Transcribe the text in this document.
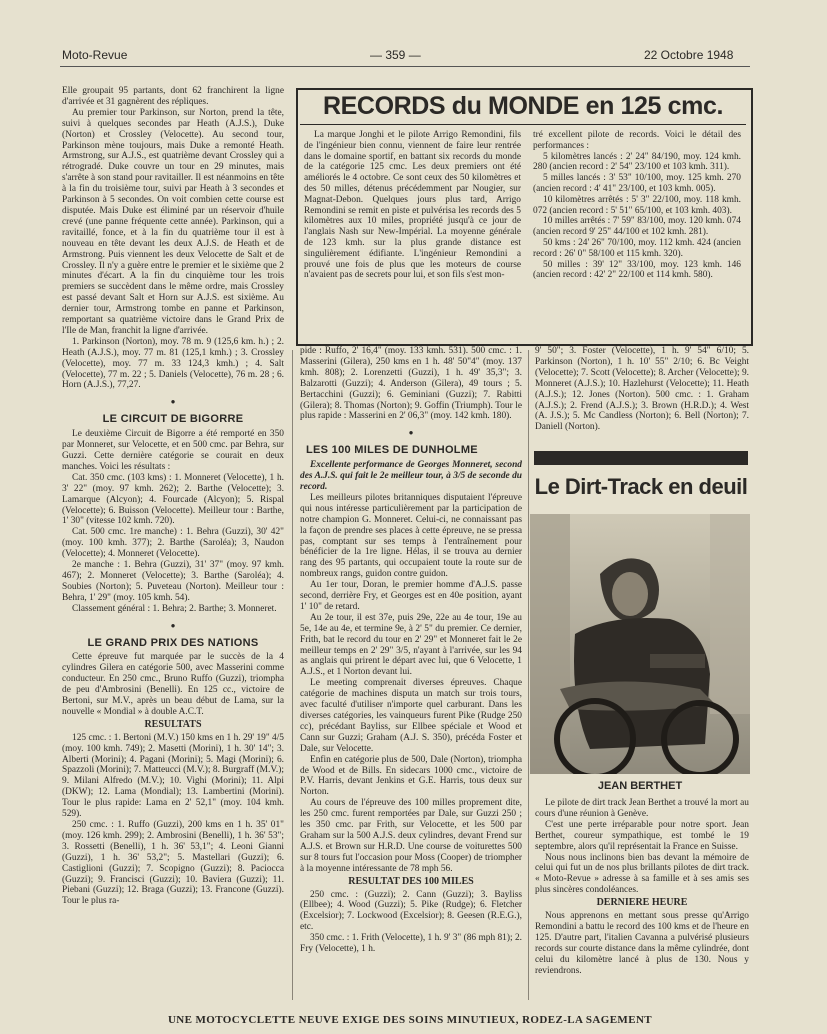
Moto-Revue	— 359 —	22 Octobre 1948

Elle groupait 95 partants, dont 62 franchirent la ligne d'arrivée et 31 gagnèrent des répliques.

Au premier tour Parkinson, sur Norton, prend la tête, suivi à quelques secondes par Heath (A.J.S.), Duke (Norton) et Crossley (Velocette). Au second tour, Parkinson mène toujours, mais Duke a remonté Heath. Armstrong, sur A.J.S., est quatrième devant Crossley qui a rétrogradé. Duke couvre un tour en 29 minutes, mais s'arrête à son stand pour ravitailler. Il est néanmoins en tête à la fin du troisième tour, suivi par Heath à 3 secondes et Parkinson à 5 secondes. On voit combien cette course est disputée. Mais Duke est éliminé par un réservoir d'huile crevé (une panne fréquente cette année). Parkinson, qui a ravitaillé, fonce, et à la fin du quatrième tour il est à nouveau en tête devant les deux A.J.S. de Heath et de Armstrong. Puis viennent les deux Velocette de Salt et de Crossley. Il n'y a guère entre le premier et le sixième que 2 minutes d'écart. A la fin du cinquième tour les trois premiers se succèdent dans le même ordre, mais Crossley est passé devant Salt et Horn sur A.J.S. est sixième. Au dernier tour, Armstrong tombe en panne et Parkinson, remportant sa quatrième victoire dans le Grand Prix de l'Ile de Man, franchit la ligne d'arrivée.

1. Parkinson (Norton), moy. 78 m. 9 (125,6 km. h.) ; 2. Heath (A.J.S.), moy. 77 m. 81 (125,1 kmh.) ; 3. Crossley (Velocette), moy. 77 m. 33 124,3 kmh.) ; 4. Salt (Velocette), 77 m. 22 ; 5. Daniels (Velocette), 76 m. 28 ; 6. Horn (A.J.S.), 77,27.

●
LE CIRCUIT DE BIGORRE

Le deuxième Circuit de Bigorre a été remporté en 350 par Monneret, sur Velocette, et en 500 cmc. par Behra, sur Guzzi. Cette dernière catégorie se courait en deux manches. Voici les résultats :

Cat. 350 cmc. (103 kms) : 1. Monneret (Velocette), 1 h. 3' 22" (moy. 97 kmh. 262); 2. Barthe (Velocette); 3. Lamarque (Alcyon); 4. Fourcade (Alcyon); 5. Rispal (Velocette); 6. Buisson (Velocette). Meilleur tour : Barthe, 1' 30" (vitesse 102 kmh. 720).

Cat. 500 cmc. 1re manche) : 1. Behra (Guzzi), 30' 42" (moy. 100 kmh. 377); 2. Barthe (Saroléa); 3, Naudon (Velocette); 4. Monneret (Velocette).

2e manche : 1. Behra (Guzzi), 31' 37" (moy. 97 kmh. 467); 2. Monneret (Velocette); 3. Barthe (Saroléa); 4. Soubies (Norton); 5. Puveteau (Norton). Meilleur tour : Behra, 1' 29" (moy. 105 kmh. 54).

Classement général : 1. Behra; 2. Barthe; 3. Monneret.

●
LE GRAND PRIX DES NATIONS

Cette épreuve fut marquée par le succès de la 4 cylindres Gilera en catégorie 500, avec Masserini comme conducteur. En 250 cmc., Bruno Ruffo (Guzzi), triompha de peu d'Ambrosini (Benelli). En 125 cc., victoire de Bertoni, sur M.V., après un beau début de Lama, sur la nouvelle « Mondial » à double A.C.T.

RESULTATS

125 cmc. : 1. Bertoni (M.V.) 150 kms en 1 h. 29' 19" 4/5 (moy. 100 kmh. 749); 2. Masetti (Morini), 1 h. 30' 14"; 3. Alberti (Morini); 4. Pagani (Morini); 5. Magi (Morini); 6. Spazzoli (Morini); 7. Matteucci (M.V.); 8. Burgraff (M.V.); 9. Milani Alfredo (M.V.); 10. Vighi (Morini); 11. Alpi (DKW); 12. Lama (Mondial); 13. Lambertini (Morini). Tour le plus rapide: Lama en 2' 52,1" (moy. 104 kmh. 529).

250 cmc. : 1. Ruffo (Guzzi), 200 kms en 1 h. 35' 01" (moy. 126 kmh. 299); 2. Ambrosini (Benelli), 1 h. 36' 53"; 3. Rossetti (Benelli), 1 h. 36' 53,1"; 4. Leoni Gianni (Guzzi), 1 h. 36' 53,2"; 5. Mastellari (Guzzi); 6. Castiglioni (Guzzi); 7. Scopigno (Guzzi); 8. Paciocca (Guzzi); 9. Francisci (Guzzi); 10. Baviera (Guzzi); 11. Piebani (Guzzi); 12. Braga (Guzzi); 13. Francone (Guzzi). Tour le plus ra-

RECORDS du MONDE en 125 cmc.

La marque Jonghi et le pilote Arrigo Remondini, fils de l'ingénieur bien connu, viennent de faire leur rentrée dans le domaine sportif, en battant six records du monde de la catégorie 125 cmc. Les deux premiers ont été améliorés le 4 octobre. Ce sont ceux des 50 kilomètres et des 50 milles, détenus précédemment par Nougier, sur Magnat-Debon. Quelques jours plus tard, Arrigo Remondini se remit en piste et pulvérisa les records des 5 kilomètres aux 10 miles, propriété jusqu'à ce jour de l'anglais Nash sur New-Impérial. La moyenne générale de 123 kmh. sur la plus grande distance est singulièrement édifiante. L'ingénieur Remondini a prouvé une fois de plus que les moteurs de course n'avaient pas de secrets pour lui, et son fils s'est mon-

tré excellent pilote de records. Voici le détail des performances :

5 kilomètres lancés : 2' 24" 84/190, moy. 124 kmh. 280 (ancien record : 2' 54" 23/100 et 103 kmh. 311).

5 milles lancés : 3' 53" 10/100, moy. 125 kmh. 270 (ancien record : 4' 41" 23/100, et 103 kmh. 005).

10 kilomètres arrêtés : 5' 3" 22/100, moy. 118 kmh. 072 (ancien record : 5' 51" 65/100, et 103 kmh. 403).

10 milles arrêtés : 7' 59" 83/100, moy. 120 kmh. 074 (ancien record 9' 25" 44/100 et 102 kmh. 281).

50 kms : 24' 26" 70/100, moy. 112 kmh. 424 (ancien record : 26' 0" 58/100 et 115 kmh. 320).

50 milles : 39' 12" 33/100, moy. 123 kmh. 146 (ancien record : 42' 2" 22/100 et 114 kmh. 580).

pide : Ruffo, 2' 16,4" (moy. 133 kmh. 531). 500 cmc. : 1. Masserini (Gilera), 250 kms en 1 h. 48' 50"4" (moy. 137 kmh. 808); 2. Lorenzetti (Guzzi), 1 h. 49' 35,3"; 3. Balzarotti (Guzzi); 4. Anderson (Gilera), 49 tours ; 5. Bertacchini (Guzzi); 6. Geminiani (Guzzi); 7. Rabitti (Gilera); 8. Thomas (Norton); 9. Goffin (Triumph). Tour le plus rapide : Masserini en 2' 06,3" (moy. 142 kmh. 180).

●
LES 100 MILES DE DUNHOLME

Excellente performance de Georges Monneret, second des A.J.S. qui fait le 2e meilleur tour, à 3/5 de seconde du record.

Les meilleurs pilotes britanniques disputaient l'épreuve qui nous intéresse particulièrement par la participation de notre champion G. Monneret. Celui-ci, ne connaissant pas la façon de prendre ses places à cette épreuve, ne se pressa pas, comptant sur ses temps à l'entraînement pour bénéficier de la 1re ligne. Hélas, il se trouva au dernier rang des 95 partants, qui occupaient toute la route sur de nombreux rangs, guidon contre guidon.

Au 1er tour, Doran, le premier homme d'A.J.S. passe second, derrière Fry, et Georges est en 40e position, ayant 1' 10" de retard.

Au 2e tour, il est 37e, puis 29e, 22e au 4e tour, 19e au 5e, 14e au 4e, et termine 9e, à 2' 5" du premier. Ce dernier, Frith, bat le record du tour en 2' 29" et Monneret fait le 2e meilleur temps en 2' 29" 3/5, n'ayant à l'arrivée, sur les 94 as anglais qui prirent le départ avec lui, que 6 Velocette, 1 A.J.S., et 1 Norton devant lui.

Le meeting comprenait diverses épreuves. Chaque catégorie de machines disputa un match sur trois tours, avec faculté d'utiliser n'importe quel carburant. Dans les diverses catégories, les vainqueurs furent Pike (Rudge 250 cc), précédant Bayliss, sur Ellbee spéciale et Wood et Cann sur Guzzi; Graham (A.J. S. 350), précéda Foster et Dale, sur Velocette.

Enfin en catégorie plus de 500, Dale (Norton), triompha de Wood et de Bills. En sidecars 1000 cmc., victoire de P.V. Harris, devant Jenkins et G.E. Harris, tous deux sur Norton.

Au cours de l'épreuve des 100 milles proprement dite, les 250 cmc. furent remportées par Dale, sur Guzzi 250 ; les 350 cmc. par Frith, sur Velocette, et les 500 par Graham sur la 500 A.J.S. deux cylindres, devant Frend sur A.J.S. et Brown sur H.R.D. Une course de voiturettes 500 sur 8 tours fut l'occasion pour Moss (Cooper) de triompher à la moyenne intéressante de 78 mph 56.

RESULTAT DES 100 MILES

250 cmc. : (Guzzi); 2. Cann (Guzzi); 3. Bayliss (Ellbee); 4. Wood (Guzzi); 5. Pike (Rudge); 6. Fletcher (Excelsior); 7. Lockwood (Excelsior); 8. Geesen (R.E.G.), etc.

350 cmc. : 1. Frith (Velocette), 1 h. 9' 3" (86 mph 81); 2. Fry (Velocette), 1 h.

9' 50"; 3. Foster (Velocette), 1 h. 9' 54" 6/10; 5. Parkinson (Norton), 1 h. 10' 55" 2/10; 6. Bc Veight (Velocette); 7. Scott (Velocette); 8. Archer (Velocette); 9. Monneret (A.J.S.); 10. Hazlehurst (Velocette); 11. Heath (A.J.S.); 12. Jones (Norton). 500 cmc. : 1. Graham (A.J.S.); 2. Frend (A.J.S.); 3. Brown (H.R.D.); 4. West (A. J.S.); 5. Mc Candless (Norton); 6. Bell (Norton); 7. Daniell (Norton).

Le Dirt-Track en deuil
JEAN BERTHET

Le pilote de dirt track Jean Berthet a trouvé la mort au cours d'une réunion à Genève.

C'est une perte irréparable pour notre sport. Jean Berthet, coureur sympathique, est tombé le 19 septembre, alors qu'il représentait la France en Suisse.

Nous nous inclinons bien bas devant la mémoire de celui qui fut un de nos plus brillants pilotes de dirt track. « Moto-Revue » adresse à sa famille et à ses amis ses plus sincères condoléances.

DERNIERE HEURE

Nous apprenons en mettant sous presse qu'Arrigo Remondini a battu le record des 100 kms et de l'heure en 125. D'autre part, l'italien Cavanna a pulvérisé plusieurs records sur courte distance dans la même cylindrée, dont celui du kilomètre lancé à plus de 130. Nous y reviendrons.

UNE MOTOCYCLETTE NEUVE EXIGE DES SOINS MINUTIEUX, RODEZ-LA SAGEMENT
